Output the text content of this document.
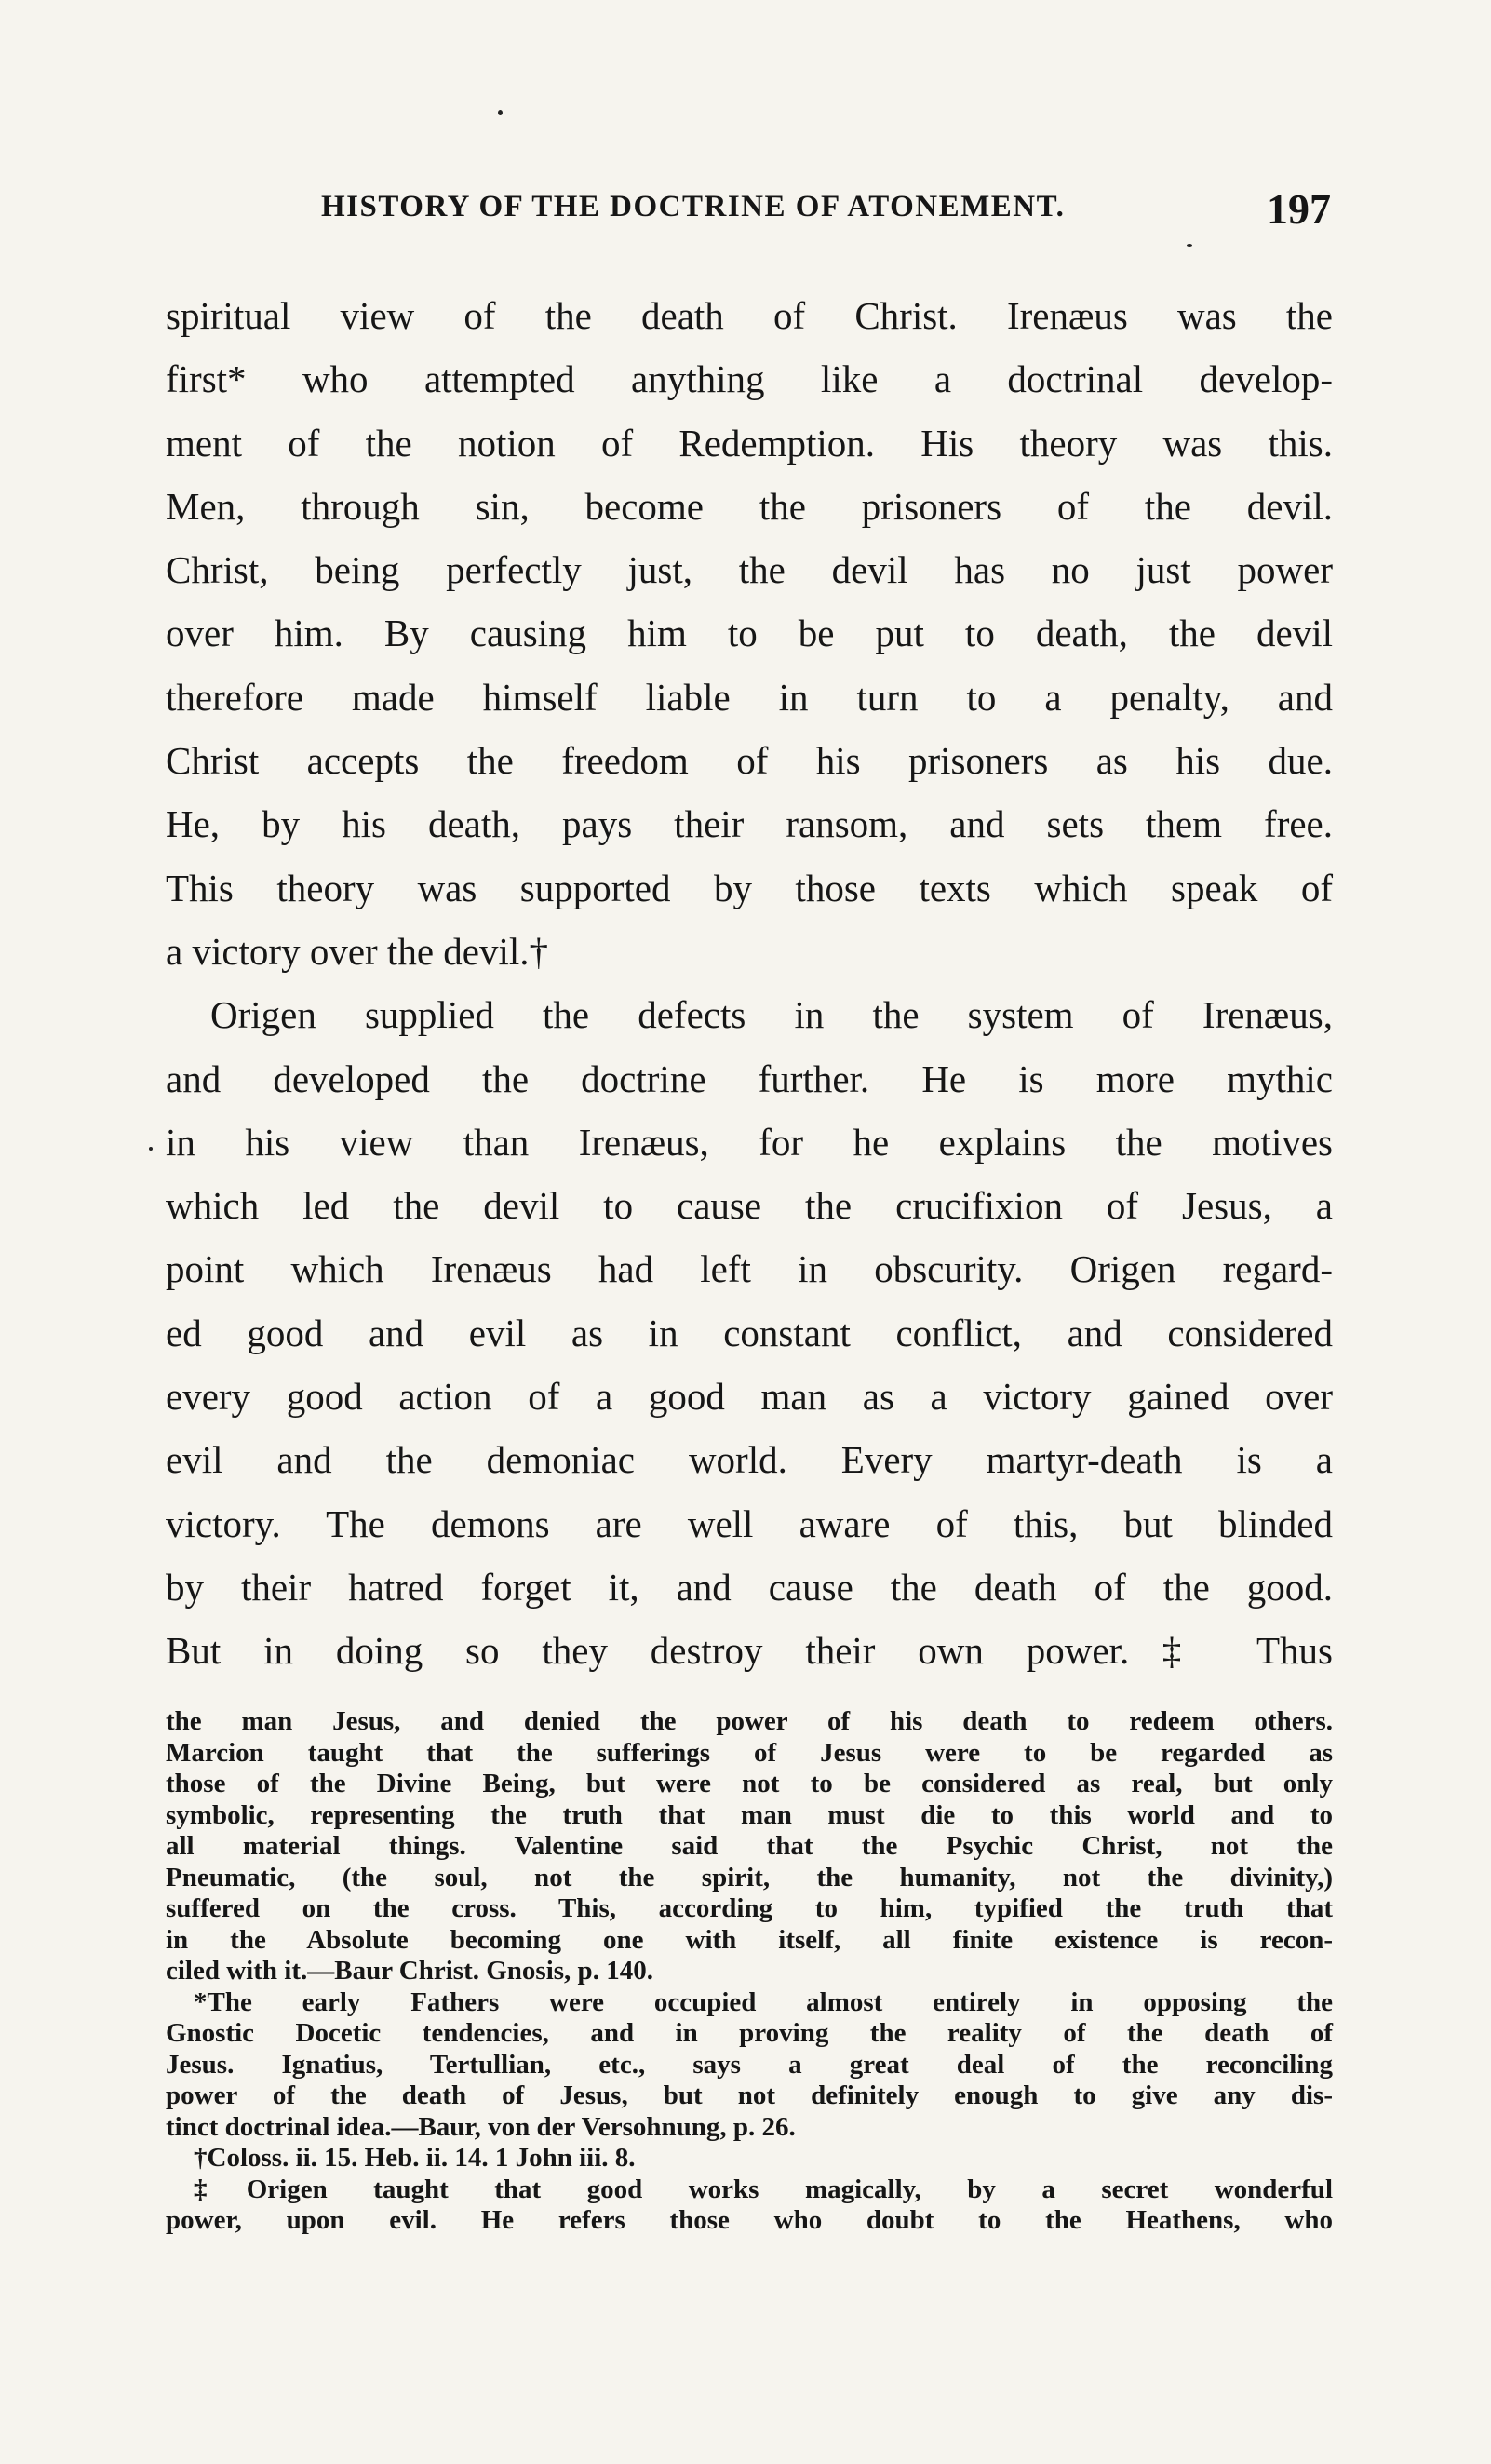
HISTORY OF THE DOCTRINE OF ATONEMENT.	197
spiritual view of the death of Christ. Irenæus was the
first* who attempted anything like a doctrinal develop-
ment of the notion of Redemption. His theory was this.
Men, through sin, become the prisoners of the devil.
Christ, being perfectly just, the devil has no just power
over him. By causing him to be put to death, the devil
therefore made himself liable in turn to a penalty, and
Christ accepts the freedom of his prisoners as his due.
He, by his death, pays their ransom, and sets them free.
This theory was supported by those texts which speak of
a victory over the devil.†
Origen supplied the defects in the system of Irenæus,
and developed the doctrine further. He is more mythic
in his view than Irenæus, for he explains the motives
which led the devil to cause the crucifixion of Jesus, a
point which Irenæus had left in obscurity. Origen regard-
ed good and evil as in constant conflict, and considered
every good action of a good man as a victory gained over
evil and the demoniac world. Every martyr-death is a
victory. The demons are well aware of this, but blinded
by their hatred forget it, and cause the death of the good.
But in doing so they destroy their own power.‡ Thus
the man Jesus, and denied the power of his death to redeem others.
Marcion taught that the sufferings of Jesus were to be regarded as
those of the Divine Being, but were not to be considered as real, but only
symbolic, representing the truth that man must die to this world and to
all material things. Valentine said that the Psychic Christ, not the
Pneumatic, (the soul, not the spirit, the humanity, not the divinity,)
suffered on the cross. This, according to him, typified the truth that
in the Absolute becoming one with itself, all finite existence is recon-
ciled with it.—Baur Christ. Gnosis, p. 140.
*The early Fathers were occupied almost entirely in opposing the
Gnostic Docetic tendencies, and in proving the reality of the death of
Jesus. Ignatius, Tertullian, etc., says a great deal of the reconciling
power of the death of Jesus, but not definitely enough to give any dis-
tinct doctrinal idea.—Baur, von der Versohnung, p. 26.
†Coloss. ii. 15. Heb. ii. 14. 1 John iii. 8.
‡Origen taught that good works magically, by a secret wonderful
power, upon evil. He refers those who doubt to the Heathens, who
